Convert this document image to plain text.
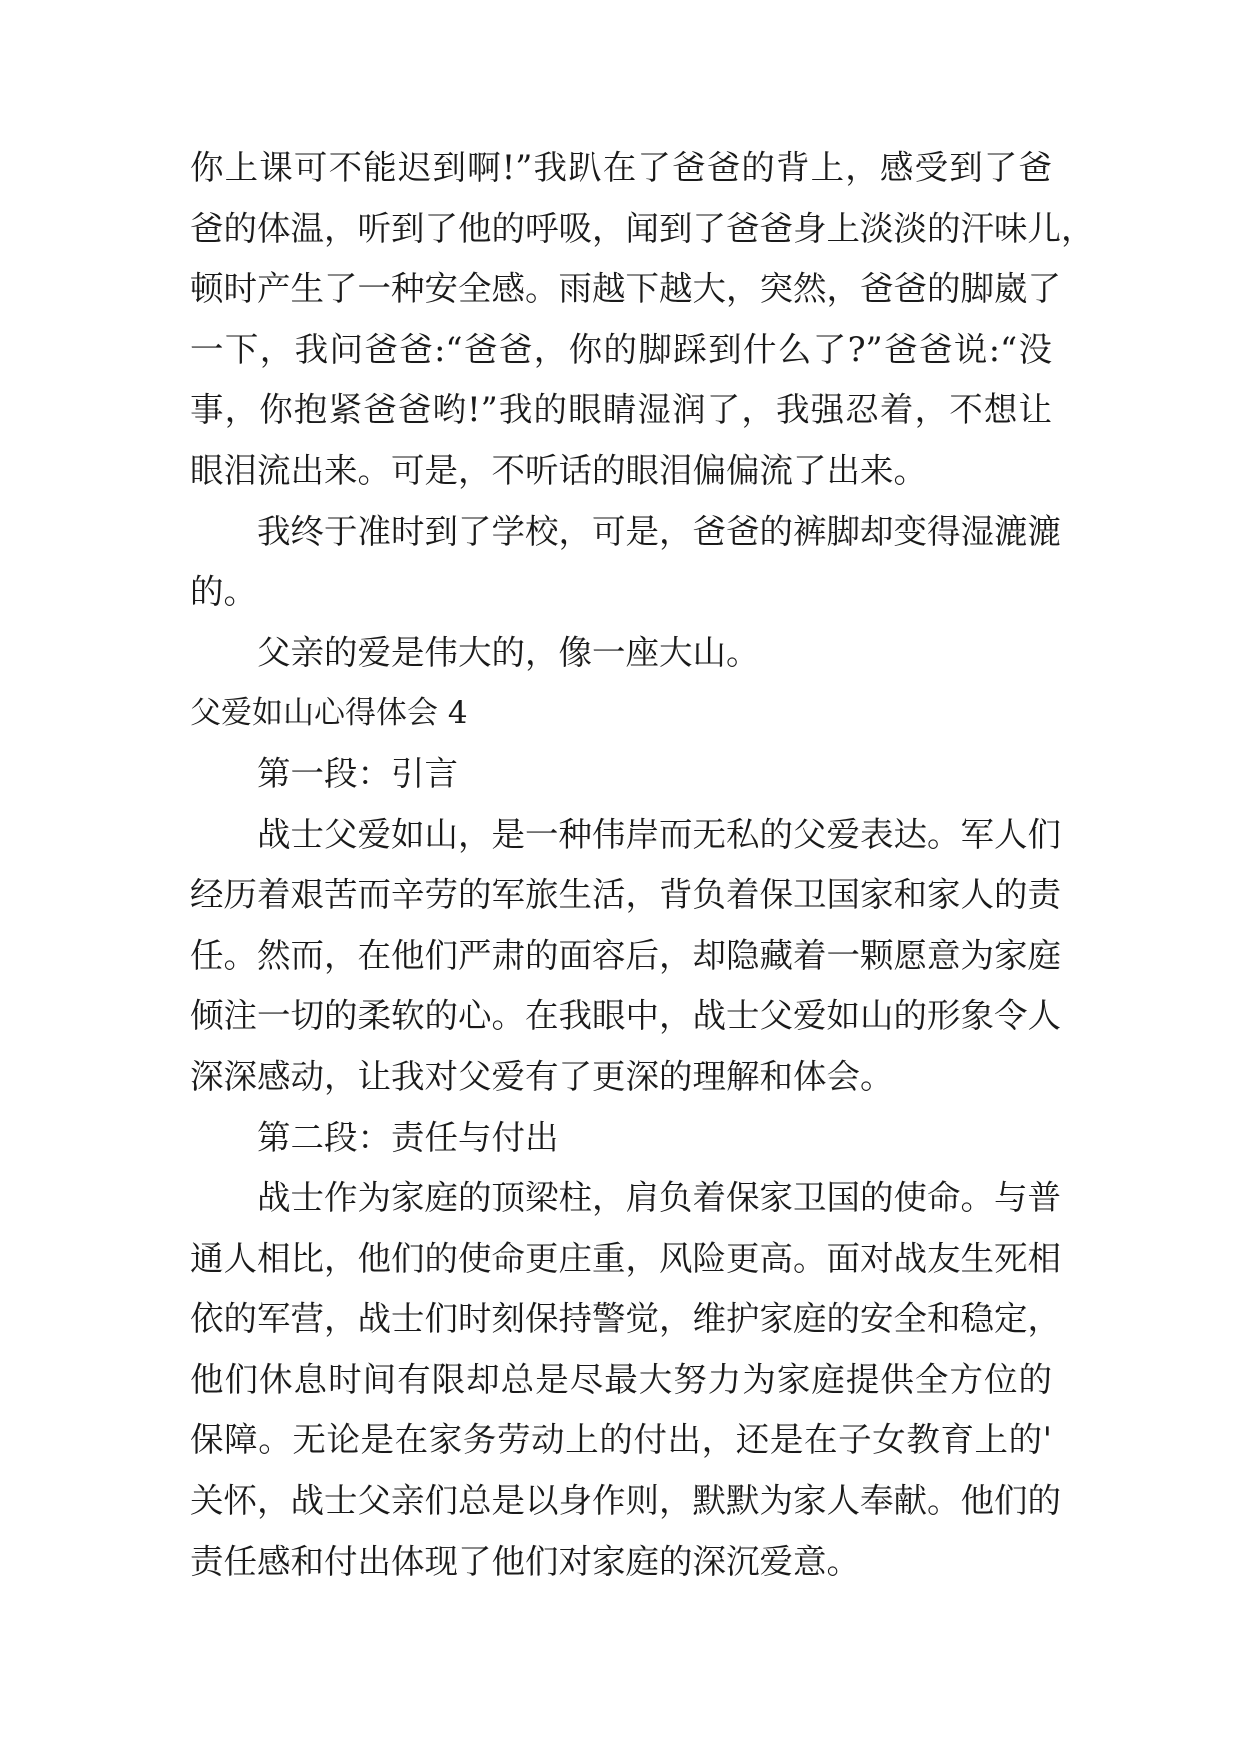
你上课可不能迟到啊!”我趴在了爸爸的背上，感受到了爸
爸的体温，听到了他的呼吸，闻到了爸爸身上淡淡的汗味儿，
顿时产生了一种安全感。雨越下越大，突然，爸爸的脚崴了
一下，我问爸爸:“爸爸，你的脚踩到什么了?”爸爸说:“没
事，你抱紧爸爸哟!”我的眼睛湿润了，我强忍着，不想让
眼泪流出来。可是，不听话的眼泪偏偏流了出来。
我终于准时到了学校，可是，爸爸的裤脚却变得湿漉漉
的。
父亲的爱是伟大的，像一座大山。
父爱如山心得体会 4
第一段：引言
战士父爱如山，是一种伟岸而无私的父爱表达。军人们
经历着艰苦而辛劳的军旅生活，背负着保卫国家和家人的责
任。然而，在他们严肃的面容后，却隐藏着一颗愿意为家庭
倾注一切的柔软的心。在我眼中，战士父爱如山的形象令人
深深感动，让我对父爱有了更深的理解和体会。
第二段：责任与付出
战士作为家庭的顶梁柱，肩负着保家卫国的使命。与普
通人相比，他们的使命更庄重，风险更高。面对战友生死相
依的军营，战士们时刻保持警觉，维护家庭的安全和稳定，
他们休息时间有限却总是尽最大努力为家庭提供全方位的
保障。无论是在家务劳动上的付出，还是在子女教育上的'
关怀，战士父亲们总是以身作则，默默为家人奉献。他们的
责任感和付出体现了他们对家庭的深沉爱意。
